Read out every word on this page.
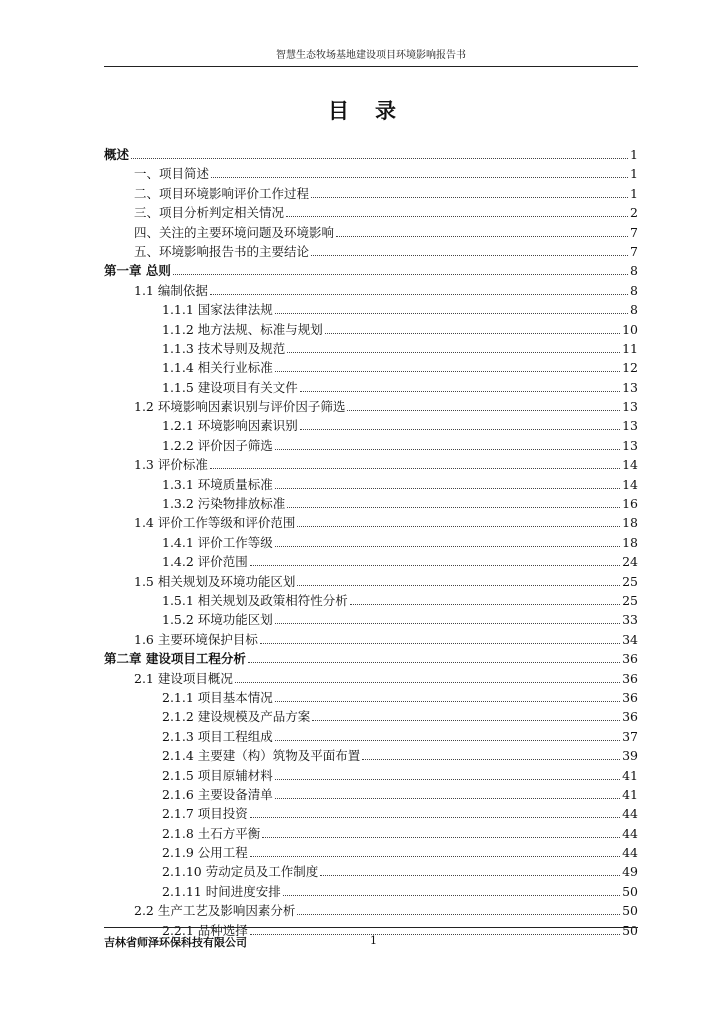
智慧生态牧场基地建设项目环境影响报告书
目录
概述	1
一、项目简述	1
二、项目环境影响评价工作过程	1
三、项目分析判定相关情况	2
四、关注的主要环境问题及环境影响	7
五、环境影响报告书的主要结论	7
第一章 总则	8
1.1 编制依据	8
1.1.1 国家法律法规	8
1.1.2 地方法规、标准与规划	10
1.1.3 技术导则及规范	11
1.1.4 相关行业标准	12
1.1.5 建设项目有关文件	13
1.2 环境影响因素识别与评价因子筛选	13
1.2.1 环境影响因素识别	13
1.2.2 评价因子筛选	13
1.3 评价标准	14
1.3.1 环境质量标准	14
1.3.2 污染物排放标准	16
1.4 评价工作等级和评价范围	18
1.4.1 评价工作等级	18
1.4.2 评价范围	24
1.5 相关规划及环境功能区划	25
1.5.1 相关规划及政策相符性分析	25
1.5.2 环境功能区划	33
1.6 主要环境保护目标	34
第二章 建设项目工程分析	36
2.1 建设项目概况	36
2.1.1 项目基本情况	36
2.1.2 建设规模及产品方案	36
2.1.3 项目工程组成	37
2.1.4 主要建（构）筑物及平面布置	39
2.1.5 项目原辅材料	41
2.1.6 主要设备清单	41
2.1.7 项目投资	44
2.1.8 土石方平衡	44
2.1.9 公用工程	44
2.1.10 劳动定员及工作制度	49
2.1.11 时间进度安排	50
2.2 生产工艺及影响因素分析	50
2.2.1 品种选择	50
吉林省师泽环保科技有限公司	1
